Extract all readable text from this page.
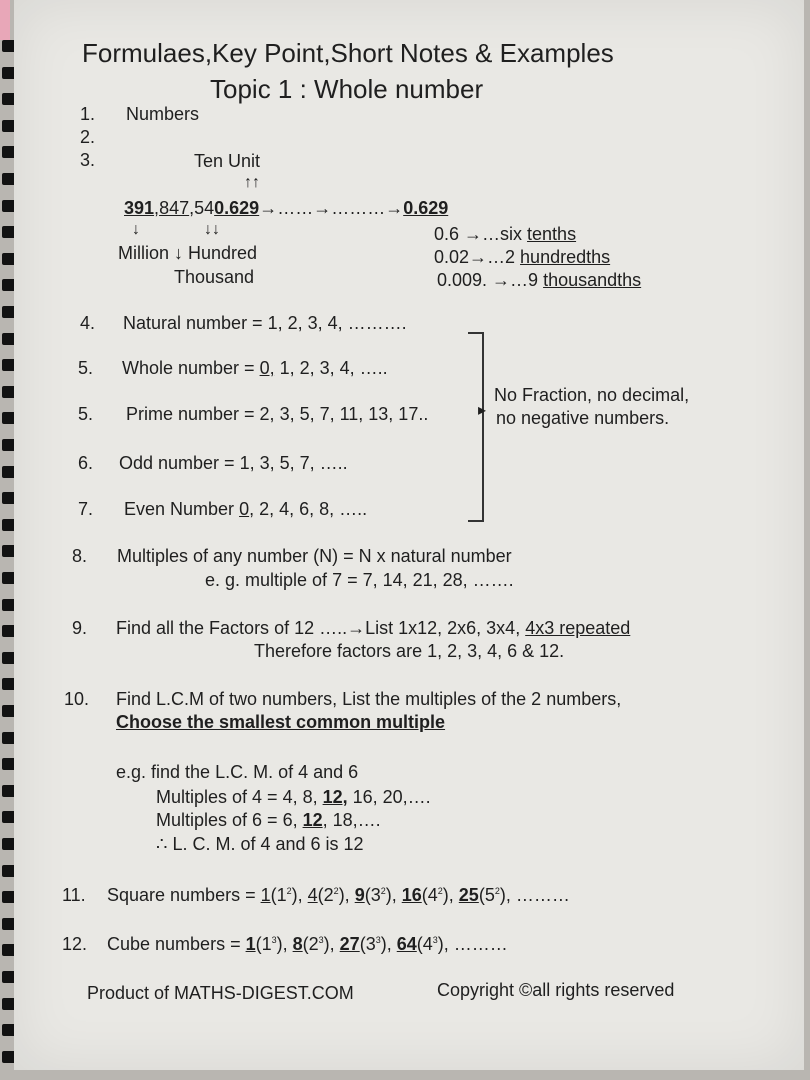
Formulaes,Key Point,Short Notes & Examples
Topic 1 : Whole number
1. Numbers
2.
3.	Ten Unit
↑↑
391,847,540.629→……→………→0.629
↓	↓↓
Million ↓ Hundred
Thousand
0.6 →…six tenths
0.02→…2 hundredths
0.009. →…9 thousandths
4. Natural number = 1, 2, 3, 4, ……….
5. Whole number = 0, 1, 2, 3, 4, …..
5. Prime number = 2, 3, 5, 7, 11, 13, 17..
6. Odd number = 1, 3, 5, 7, …..
7. Even Number 0, 2, 4, 6, 8, …..
▸
No Fraction, no decimal,
no negative numbers.
8. Multiples of any number (N) = N x natural number
e. g. multiple of 7 = 7, 14, 21, 28, …….
9. Find all the Factors of 12 …..→List 1x12, 2x6, 3x4, 4x3 repeated
Therefore factors are 1, 2, 3, 4, 6 & 12.
10. Find L.C.M of two numbers, List the multiples of the 2 numbers,
Choose the smallest common multiple
e.g. find the L.C. M. of 4 and 6
Multiples of 4 = 4, 8, 12, 16, 20,….
Multiples of 6 = 6, 12, 18,….
∴ L. C. M. of 4 and 6 is 12
11. Square numbers = $1(1^2)$, $4(2^2)$, $9(3^2)$, $16(4^2)$, $25(5^2)$, ………
12. Cube numbers = $1(1^3)$, $8(2^3)$, $27(3^3)$, $64(4^3)$, ………
Product of MATHS-DIGEST.COM	Copyright ©all rights reserved
